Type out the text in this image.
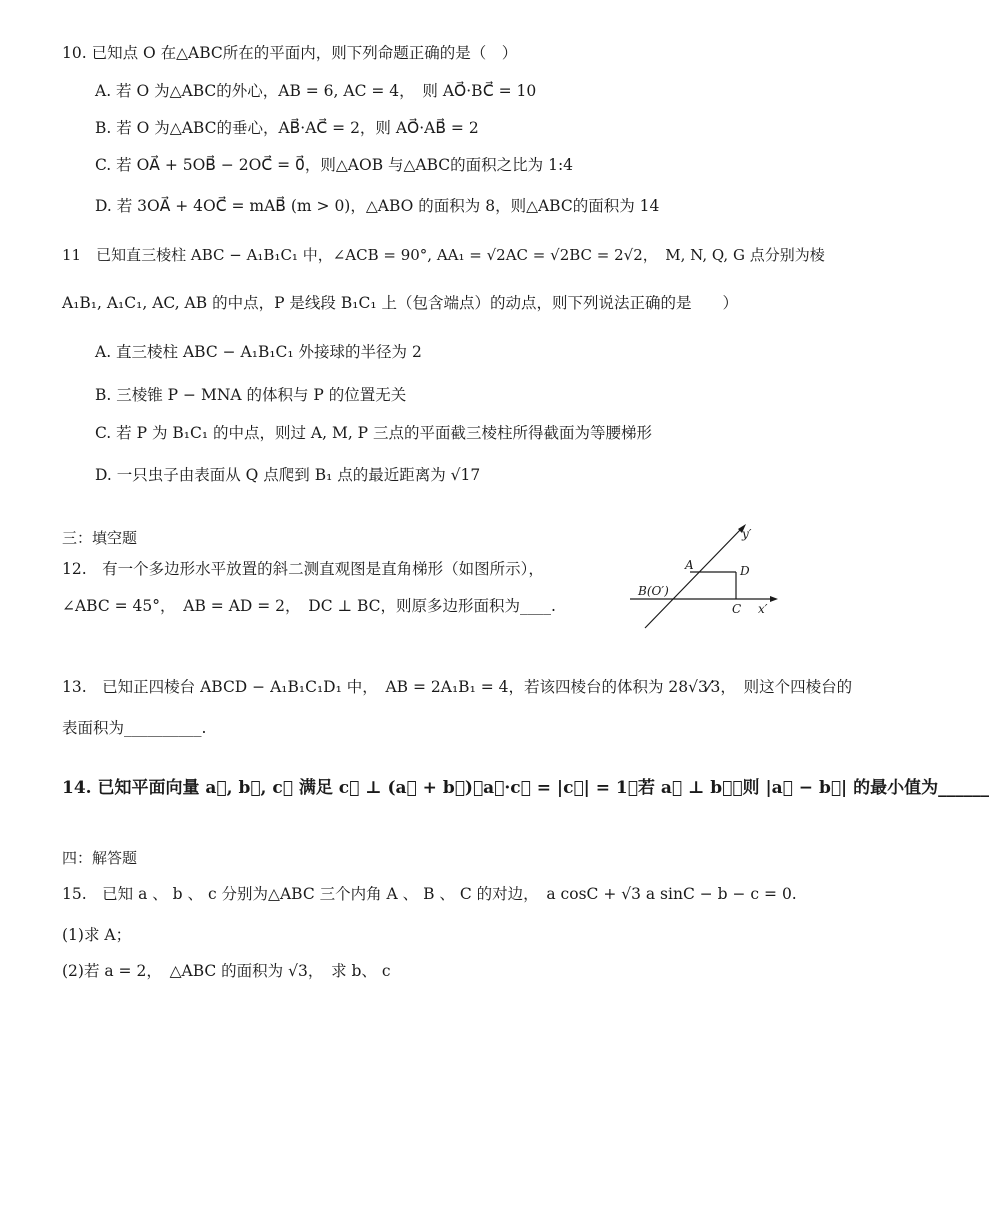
10. 已知点 O 在△ABC所在的平面内，则下列命题正确的是（　）
A. 若 O 为△ABC的外心，AB = 6, AC = 4，　则 AO⃗·BC⃗ = 10
B. 若 O 为△ABC的垂心，AB⃗·AC⃗ = 2，则 AO⃗·AB⃗ = 2
C. 若 OA⃗ + 5OB⃗ − 2OC⃗ = 0⃗，则△AOB 与△ABC的面积之比为 1:4
D. 若 3OA⃗ + 4OC⃗ = mAB⃗ (m > 0)，△ABO 的面积为 8，则△ABC的面积为 14
11　已知直三棱柱 ABC − A₁B₁C₁ 中，∠ACB = 90°, AA₁ = √2AC = √2BC = 2√2，　M, N, Q, G 点分别为棱
A₁B₁, A₁C₁, AC, AB 的中点，P 是线段 B₁C₁ 上（包含端点）的动点，则下列说法正确的是　　）
A. 直三棱柱 ABC − A₁B₁C₁ 外接球的半径为 2
B. 三棱锥 P − MNA 的体积与 P 的位置无关
C. 若 P 为 B₁C₁ 的中点，则过 A, M, P 三点的平面截三棱柱所得截面为等腰梯形
D. 一只虫子由表面从 Q 点爬到 B₁ 点的最近距离为 √17
三：填空题
12.　有一个多边形水平放置的斜二测直观图是直角梯形（如图所示），
∠ABC = 45°，　AB = AD = 2，　DC ⊥ BC，则原多边形面积为____.
y′
A	D
B(O′)
C x′
13.　已知正四棱台 ABCD − A₁B₁C₁D₁ 中，　AB = 2A₁B₁ = 4，若该四棱台的体积为 28√3⁄3，　则这个四棱台的
表面积为__________.
14. 已知平面向量 a⃗, b⃗, c⃗ 满足 c⃗ ⊥ (a⃗ + b⃗)，a⃗·c⃗ = |c⃗| = 1，若 a⃗ ⊥ b⃗，则 |a⃗ − b⃗| 的最小值为______
四：解答题
15.　已知 a 、 b 、 c 分别为△ABC 三个内角 A 、 B 、 C 的对边，　a cosC + √3 a sinC − b − c = 0.
(1)求 A；
(2)若 a = 2，　△ABC 的面积为 √3，　求 b、 c
